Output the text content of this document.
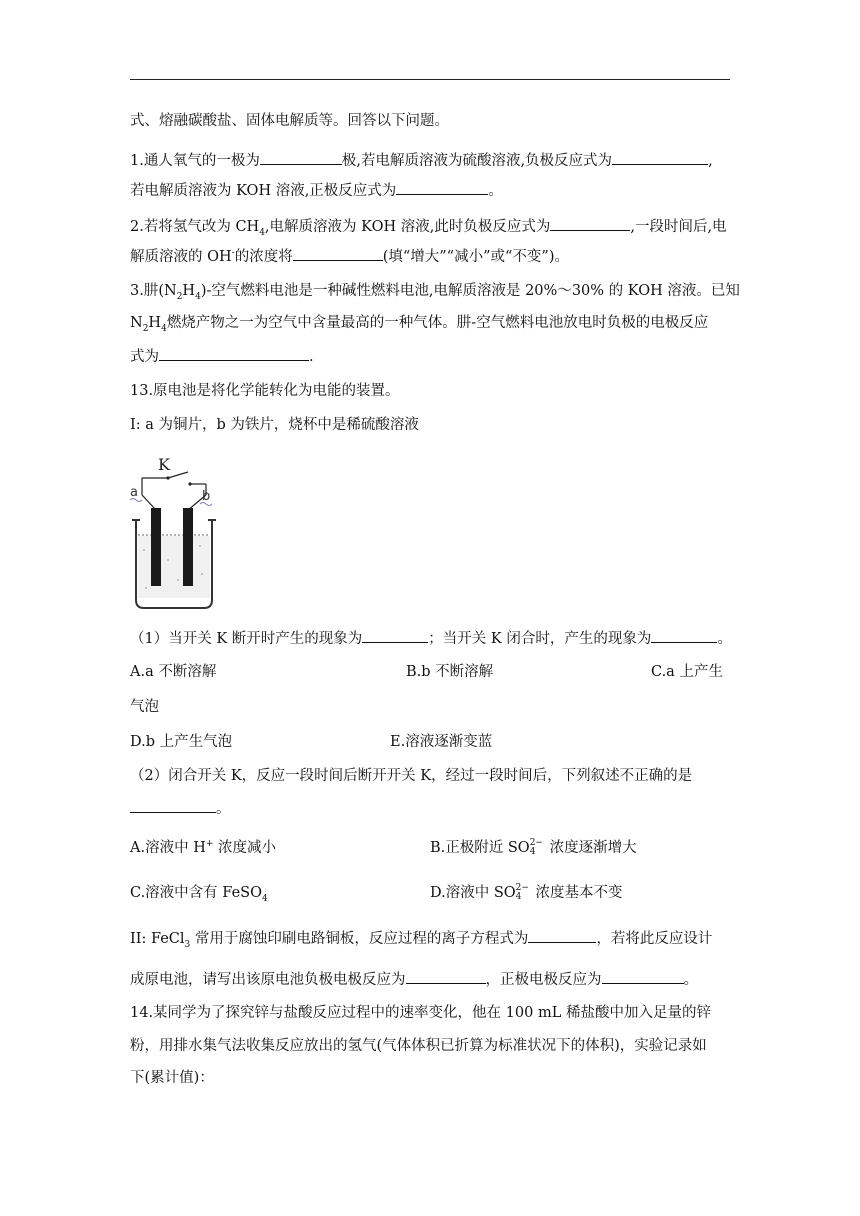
式、熔融碳酸盐、固体电解质等。回答以下问题。
1.通人氧气的一极为	极,若电解质溶液为硫酸溶液,负极反应式为	,
若电解质溶液为 KOH 溶液,正极反应式为	。
2.若将氢气改为 $CH_4$,电解质溶液为 KOH 溶液,此时负极反应式为	,一段时间后,电
解质溶液的 OH-的浓度将	(填“增大”“减小”或“不变”)。
3.肼$(N_2H_4)-$空气燃料电池是一种碱性燃料电池,电解质溶液是 20%～30% 的 KOH 溶液。已知
$N_2H_4$燃烧产物之一为空气中含量最高的一种气体。肼-空气燃料电池放电时负极的电极反应
式为	.
13.原电池是将化学能转化为电能的装置。
I: a 为铜片，b 为铁片，烧杯中是稀硫酸溶液
K
a	b
（1）当开关 K 断开时产生的现象为	；当开关 K 闭合时，产生的现象为	。
A.a 不断溶解	B.b 不断溶解	C.a 上产生
气泡
D.b 上产生气泡	E.溶液逐渐变蓝
（2）闭合开关 K，反应一段时间后断开开关 K，经过一段时间后，下列叙述不正确的是
。
A.溶液中 H+ 浓度减小	B.正极附近 SO 2−
4 浓度逐渐增大
C.溶液中含有 FeSO$_4$	D.溶液中 SO 2−
4 浓度基本不变
II: FeCl$_3$ 常用于腐蚀印刷电路铜板，反应过程的离子方程式为	，若将此反应设计
成原电池，请写出该原电池负极电极反应为	，正极电极反应为	。
14.某同学为了探究锌与盐酸反应过程中的速率变化，他在 100 mL 稀盐酸中加入足量的锌
粉，用排水集气法收集反应放出的氢气(气体体积已折算为标准状况下的体积)，实验记录如
下(累计值)：
